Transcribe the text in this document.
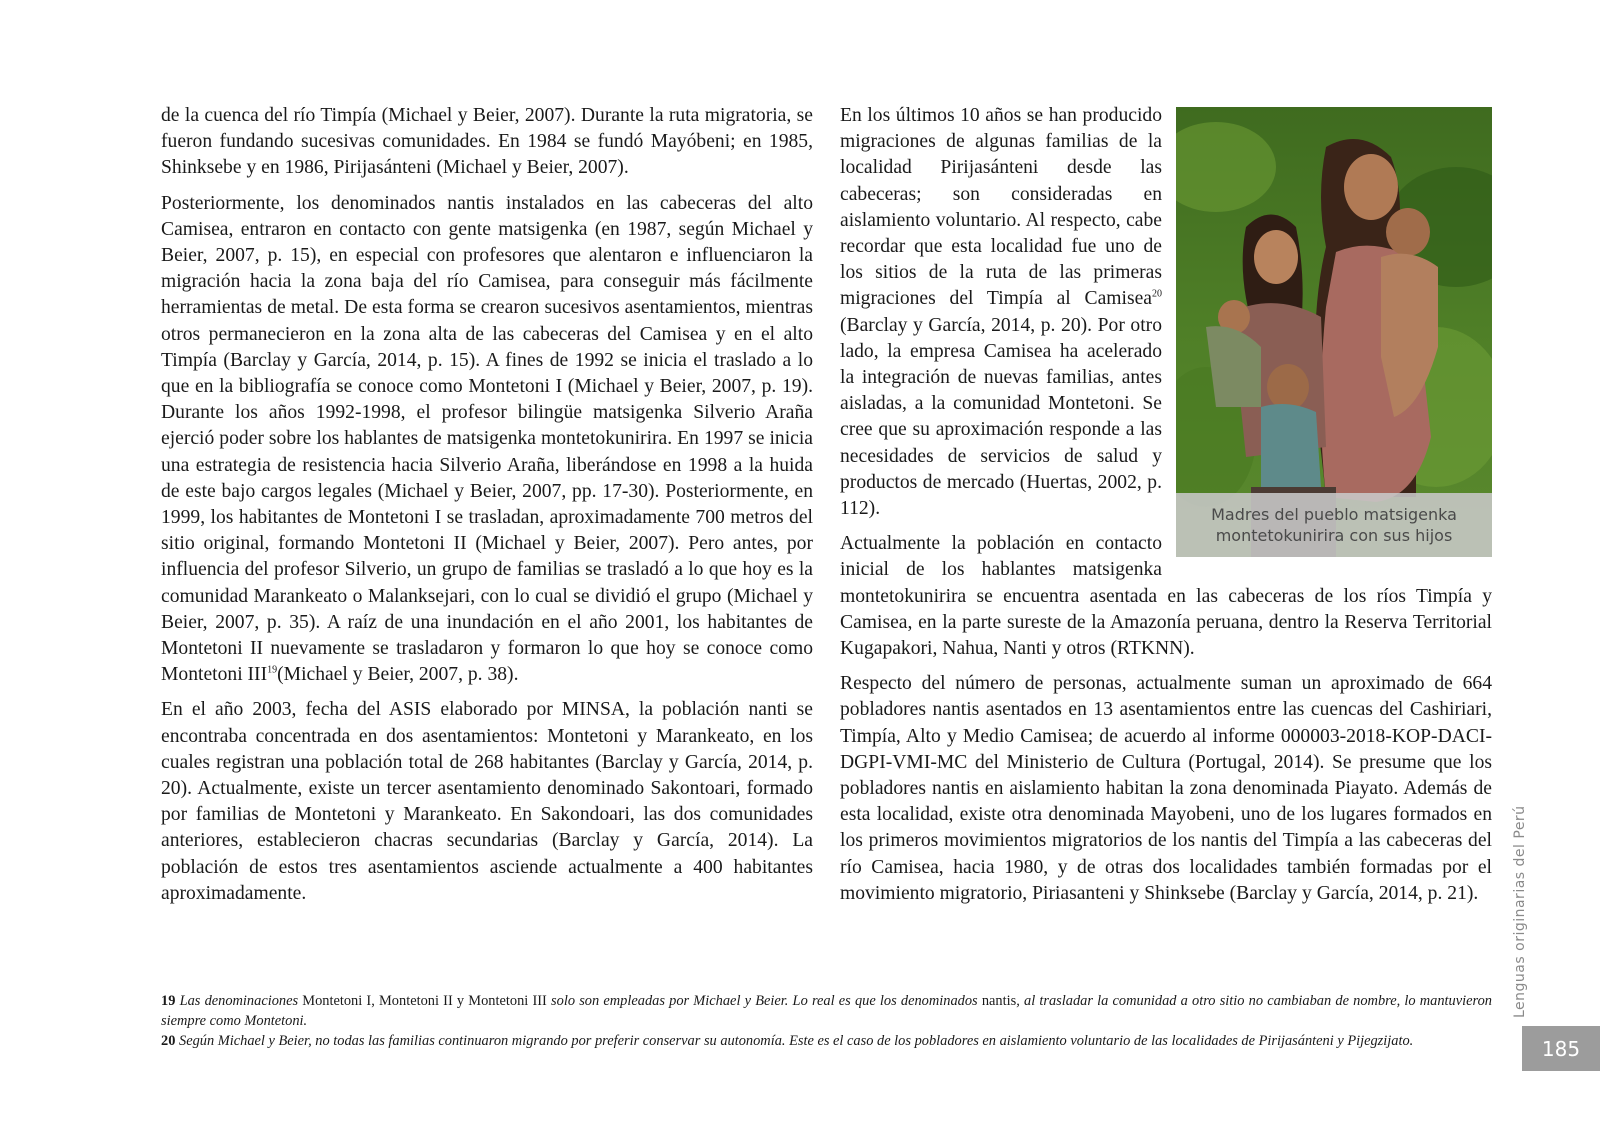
de la cuenca del río Timpía (Michael y Beier, 2007). Durante la ruta migratoria, se fueron fundando sucesivas comunidades. En 1984 se fundó Mayóbeni; en 1985, Shinksebe y en 1986, Pirijasánteni (Michael y Beier, 2007).

Posteriormente, los denominados nantis instalados en las cabeceras del alto Camisea, entraron en contacto con gente matsigenka (en 1987, según Michael y Beier, 2007, p. 15), en especial con profesores que alentaron e influenciaron la migración hacia la zona baja del río Camisea, para conseguir más fácilmente herramientas de metal. De esta forma se crearon sucesivos asentamientos, mientras otros permanecieron en la zona alta de las cabeceras del Camisea y en el alto Timpía (Barclay y García, 2014, p. 15). A fines de 1992 se inicia el traslado a lo que en la bibliografía se conoce como Montetoni I (Michael y Beier, 2007, p. 19). Durante los años 1992-1998, el profesor bilingüe matsigenka Silverio Araña ejerció poder sobre los hablantes de matsigenka montetokunirira. En 1997 se inicia una estrategia de resistencia hacia Silverio Araña, liberándose en 1998 a la huida de este bajo cargos legales (Michael y Beier, 2007, pp. 17-30). Posteriormente, en 1999, los habitantes de Montetoni I se trasladan, aproximadamente 700 metros del sitio original, formando Montetoni II (Michael y Beier, 2007). Pero antes, por influencia del profesor Silverio, un grupo de familias se trasladó a lo que hoy es la comunidad Marankeato o Malanksejari, con lo cual se dividió el grupo (Michael y Beier, 2007, p. 35). A raíz de una inundación en el año 2001, los habitantes de Montetoni II nuevamente se trasladaron y formaron lo que hoy se conoce como Montetoni III$^{19}$(Michael y Beier, 2007, p. 38).

En el año 2003, fecha del ASIS elaborado por MINSA, la población nanti se encontraba concentrada en dos asentamientos: Montetoni y Marankeato, en los cuales registran una población total de 268 habitantes (Barclay y García, 2014, p. 20). Actualmente, existe un tercer asentamiento denominado Sakontoari, formado por familias de Montetoni y Marankeato. En Sakondoari, las dos comunidades anteriores, establecieron chacras secundarias (Barclay y García, 2014). La población de estos tres asentamientos asciende actualmente a 400 habitantes aproximadamente.

Madres del pueblo matsigenka
montetokunirira con sus hijos

En los últimos 10 años se han producido migraciones de algunas familias de la localidad Pirijasánteni desde las cabeceras; son consideradas en aislamiento voluntario. Al respecto, cabe recordar que esta localidad fue uno de los sitios de la ruta de las primeras migraciones del Timpía al Camisea$^{20}$ (Barclay y García, 2014, p. 20). Por otro lado, la empresa Camisea ha acelerado la integración de nuevas familias, antes aisladas, a la comunidad Montetoni. Se cree que su aproximación responde a las necesidades de servicios de salud y productos de mercado (Huertas, 2002, p. 112).

Actualmente la población en contacto inicial de los hablantes matsigenka montetokunirira se encuentra asentada en las cabeceras de los ríos Timpía y Camisea, en la parte sureste de la Amazonía peruana, dentro la Reserva Territorial Kugapakori, Nahua, Nanti y otros (RTKNN).

Respecto del número de personas, actualmente suman un aproximado de 664 pobladores nantis asentados en 13 asentamientos entre las cuencas del Cashiriari, Timpía, Alto y Medio Camisea; de acuerdo al informe 000003-2018-KOP-DACI-DGPI-VMI-MC del Ministerio de Cultura (Portugal, 2014). Se presume que los pobladores nantis en aislamiento habitan la zona denominada Piayato. Además de esta localidad, existe otra denominada Mayobeni, uno de los lugares formados en los primeros movimientos migratorios de los nantis del Timpía a las cabeceras del río Camisea, hacia 1980, y de otras dos localidades también formadas por el movimiento migratorio, Piriasanteni y Shinksebe (Barclay y García, 2014, p. 21).

19 Las denominaciones Montetoni I, Montetoni II y Montetoni III solo son empleadas por Michael y Beier. Lo real es que los denominados nantis, al trasladar la comunidad a otro sitio no cambiaban de nombre, lo mantuvieron siempre como Montetoni.

20 Según Michael y Beier, no todas las familias continuaron migrando por preferir conservar su autonomía. Este es el caso de los pobladores en aislamiento voluntario de las localidades de Pirijasánteni y Pijegzijato.

Lenguas originarias del Perú
185
